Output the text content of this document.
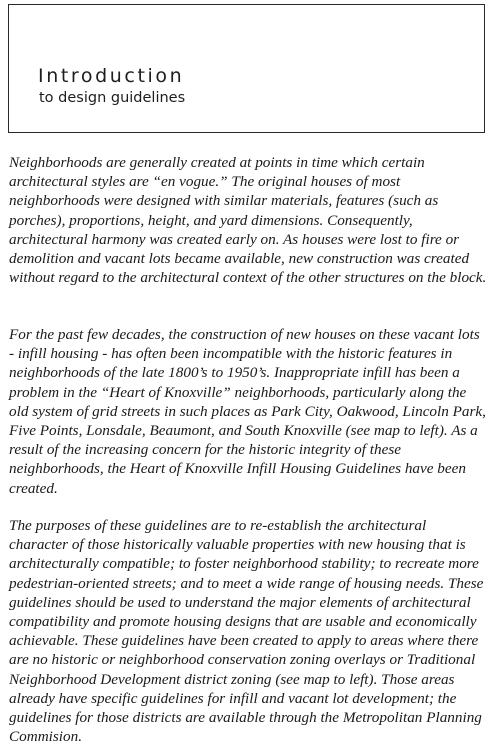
Introduction

to design guidelines

Neighborhoods are generally created at points in time which certain architectural styles are “en vogue.” The original houses of most neighborhoods were designed with similar materials, features (such as porches), proportions, height, and yard dimensions. Consequently, architectural harmony was created early on. As houses were lost to fire or demolition and vacant lots became available, new construction was created without regard to the architectural context of the other structures on the block.

For the past few decades, the construction of new houses on these vacant lots - infill housing - has often been incompatible with the historic features in neighborhoods of the late 1800’s to 1950’s. Inappropriate infill has been a problem in the “Heart of Knoxville” neighborhoods, particularly along the old system of grid streets in such places as Park City, Oakwood, Lincoln Park, Five Points, Lonsdale, Beaumont, and South Knoxville (see map to left). As a result of the increasing concern for the historic integrity of these neighborhoods, the Heart of Knoxville Infill Housing Guidelines have been created.

The purposes of these guidelines are to re-establish the architectural character of those historically valuable properties with new housing that is architecturally compatible; to foster neighborhood stability; to recreate more pedestrian-oriented streets; and to meet a wide range of housing needs. These guidelines should be used to understand the major elements of architectural compatibility and promote housing designs that are usable and economically achievable. These guidelines have been created to apply to areas where there are no historic or neighborhood conservation zoning overlays or Traditional Neighborhood Development district zoning (see map to left). Those areas already have specific guidelines for infill and vacant lot development; the guidelines for those districts are available through the Metropolitan Planning Commision.
